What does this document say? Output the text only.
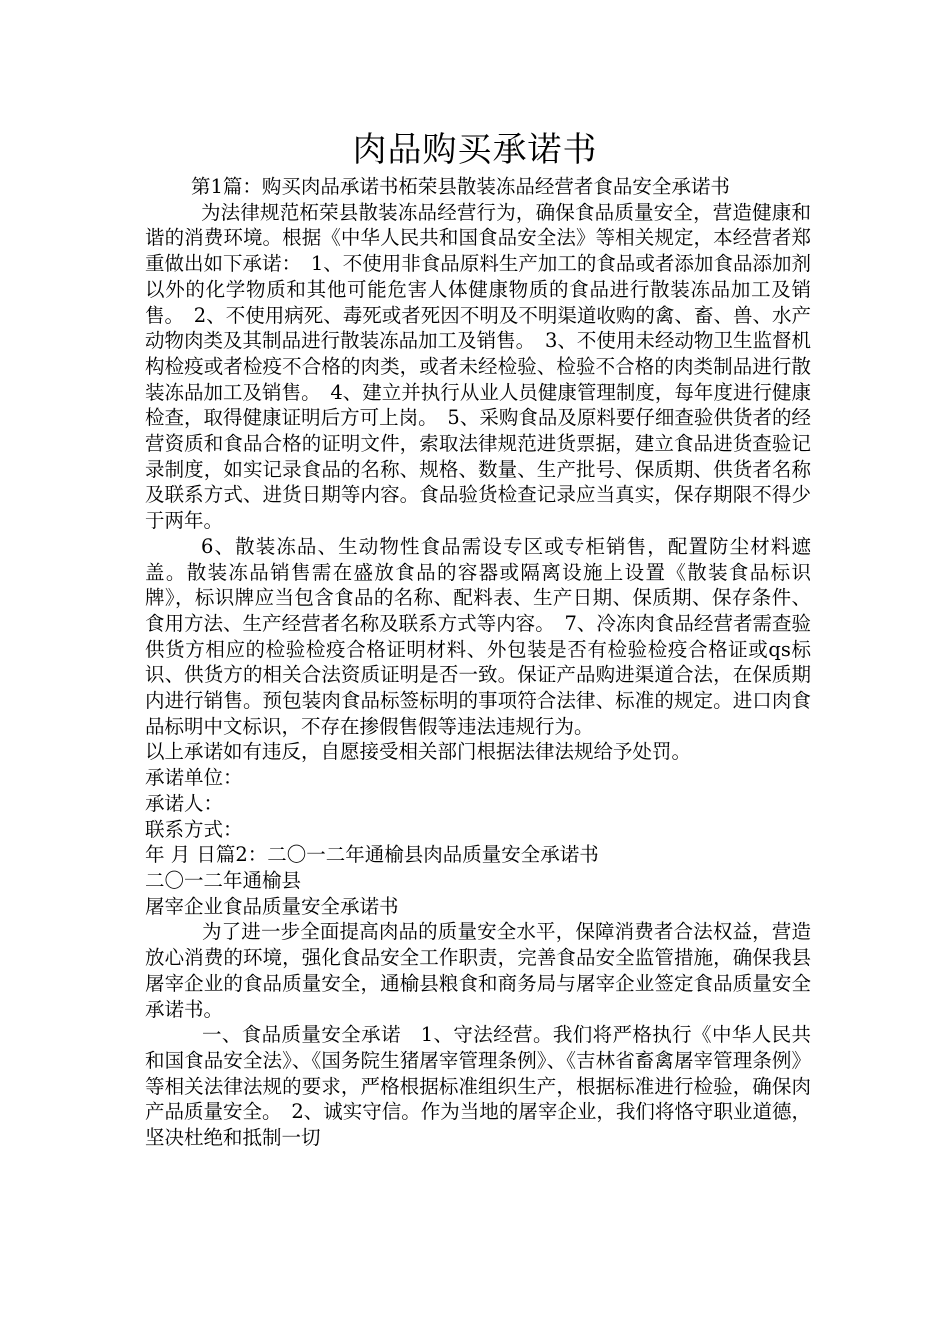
肉品购买承诺书

第1篇：购买肉品承诺书柘荣县散装冻品经营者食品安全承诺书

为法律规范柘荣县散装冻品经营行为，确保食品质量安全，营造健康和谐的消费环境。根据《中华人民共和国食品安全法》等相关规定，本经营者郑重做出如下承诺：　1、不使用非食品原料生产加工的食品或者添加食品添加剂以外的化学物质和其他可能危害人体健康物质的食品进行散装冻品加工及销售。　2、不使用病死、毒死或者死因不明及不明渠道收购的禽、畜、兽、水产动物肉类及其制品进行散装冻品加工及销售。　3、不使用未经动物卫生监督机构检疫或者检疫不合格的肉类，或者未经检验、检验不合格的肉类制品进行散装冻品加工及销售。　4、建立并执行从业人员健康管理制度，每年度进行健康检查，取得健康证明后方可上岗。　5、采购食品及原料要仔细查验供货者的经营资质和食品合格的证明文件，索取法律规范进货票据，建立食品进货查验记录制度，如实记录食品的名称、规格、数量、生产批号、保质期、供货者名称及联系方式、进货日期等内容。食品验货检查记录应当真实，保存期限不得少于两年。

6、散装冻品、生动物性食品需设专区或专柜销售，配置防尘材料遮盖。散装冻品销售需在盛放食品的容器或隔离设施上设置《散装食品标识牌》，标识牌应当包含食品的名称、配料表、生产日期、保质期、保存条件、食用方法、生产经营者名称及联系方式等内容。　7、冷冻肉食品经营者需查验供货方相应的检验检疫合格证明材料、外包装是否有检验检疫合格证或qs标识、供货方的相关合法资质证明是否一致。保证产品购进渠道合法，在保质期内进行销售。预包装肉食品标签标明的事项符合法律、标准的规定。进口肉食品标明中文标识，不存在掺假售假等违法违规行为。

以上承诺如有违反，自愿接受相关部门根据法律法规给予处罚。

承诺单位：

承诺人：

联系方式：

年 月 日篇2：二〇一二年通榆县肉品质量安全承诺书

二〇一二年通榆县

屠宰企业食品质量安全承诺书

为了进一步全面提高肉品的质量安全水平，保障消费者合法权益，营造放心消费的环境，强化食品安全工作职责，完善食品安全监管措施，确保我县屠宰企业的食品质量安全，通榆县粮食和商务局与屠宰企业签定食品质量安全承诺书。

一、食品质量安全承诺　1、守法经营。我们将严格执行《中华人民共和国食品安全法》、《国务院生猪屠宰管理条例》、《吉林省畜禽屠宰管理条例》等相关法律法规的要求，严格根据标准组织生产，根据标准进行检验，确保肉产品质量安全。　2、诚实守信。作为当地的屠宰企业，我们将恪守职业道德，坚决杜绝和抵制一切
